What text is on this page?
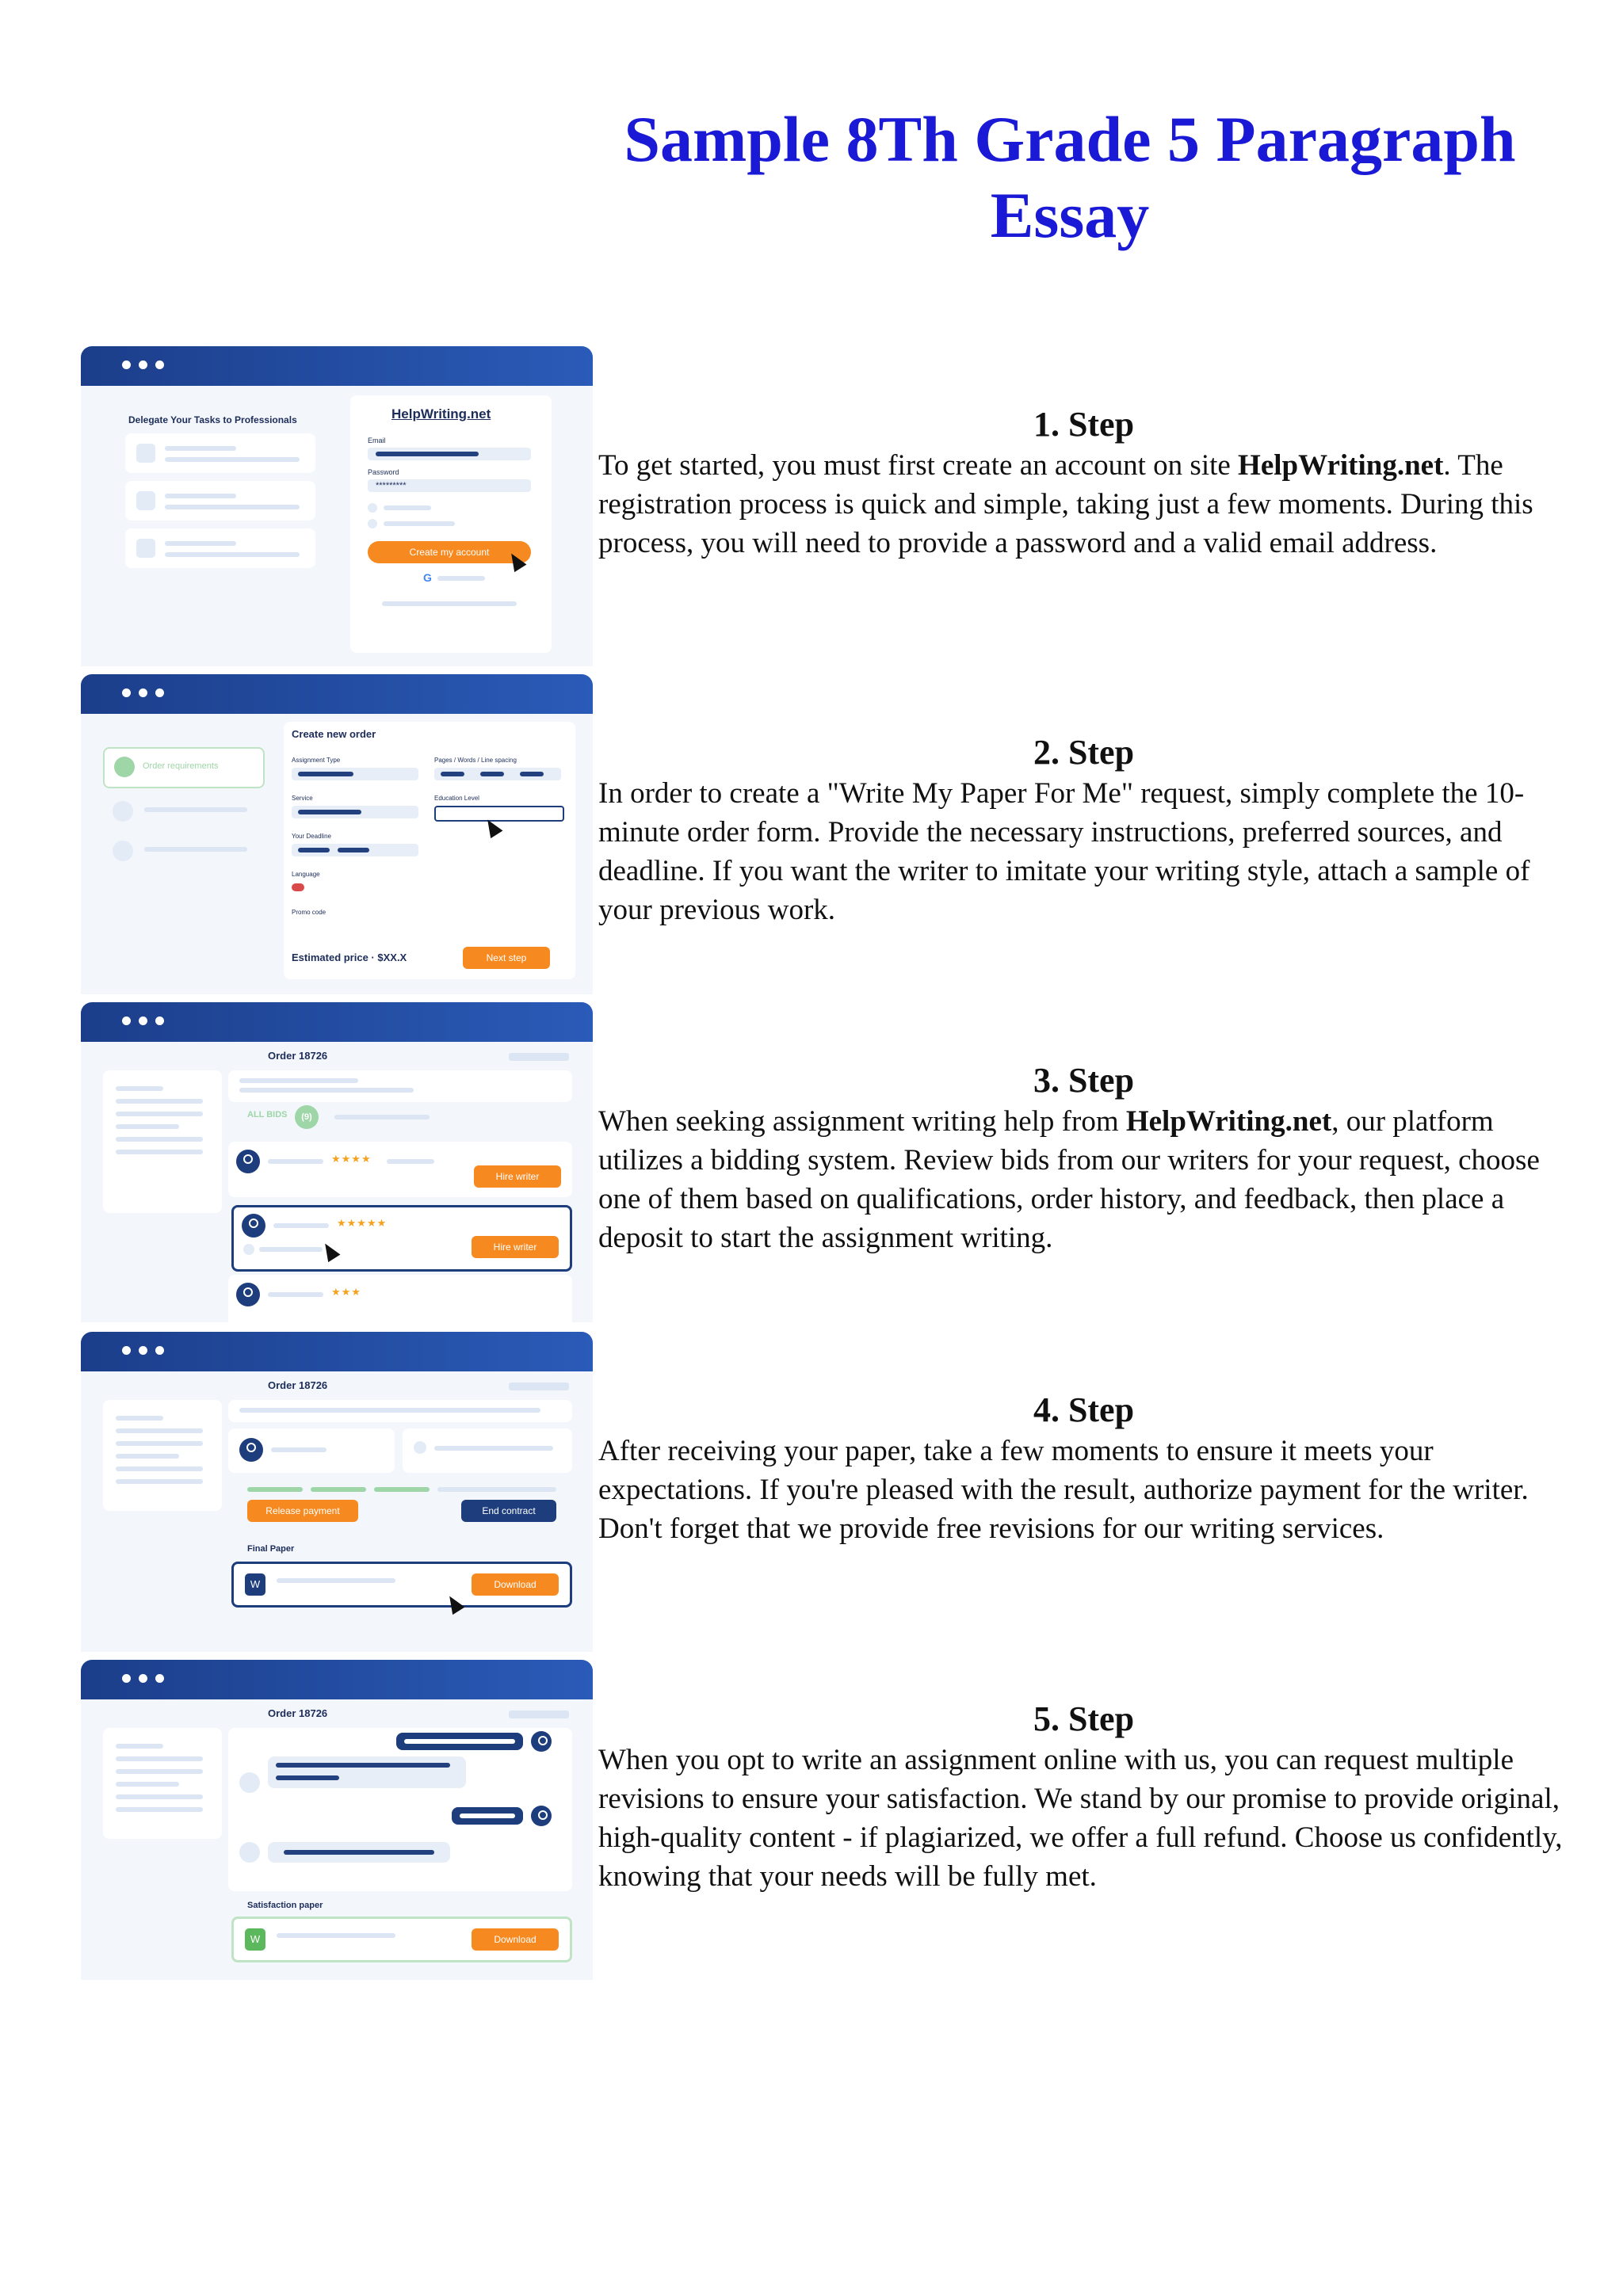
Sample 8Th Grade 5 Paragraph Essay
Delegate Your Tasks to Professionals	HelpWriting.net
Email
Password
*********
Create my account
G
Order requirements
Create new order
Assignment Type	Pages / Words / Line spacing
Service	Education Level
Your Deadline
Language
Promo code
Estimated price · $XX.X	Next step
Order 18726
ALL BIDS	(9)
★★★★
Hire writer
★★★★★
Hire writer
★★★
Order 18726
Release payment	End contract
Final Paper
W	Download
Order 18726
Satisfaction paper
W	Download
1. Step

To get started, you must first create an account on site HelpWriting.net. The registration process is quick and simple, taking just a few moments. During this process, you will need to provide a password and a valid email address.

2. Step

In order to create a "Write My Paper For Me" request, simply complete the 10-minute order form. Provide the necessary instructions, preferred sources, and deadline. If you want the writer to imitate your writing style, attach a sample of your previous work.

3. Step

When seeking assignment writing help from HelpWriting.net, our platform utilizes a bidding system. Review bids from our writers for your request, choose one of them based on qualifications, order history, and feedback, then place a deposit to start the assignment writing.

4. Step

After receiving your paper, take a few moments to ensure it meets your expectations. If you're pleased with the result, authorize payment for the writer. Don't forget that we provide free revisions for our writing services.

5. Step

When you opt to write an assignment online with us, you can request multiple revisions to ensure your satisfaction. We stand by our promise to provide original, high-quality content - if plagiarized, we offer a full refund. Choose us confidently, knowing that your needs will be fully met.
